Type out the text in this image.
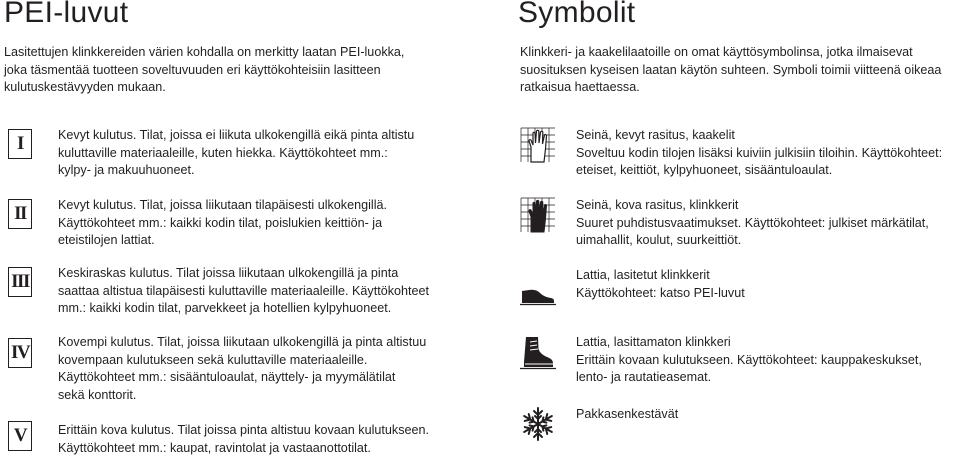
PEI-luvut
Lasitettujen klinkkereiden värien kohdalla on merkitty laatan PEI-luokka,
joka täsmentää tuotteen soveltuvuuden eri käyttökohteisiin lasitteen
kulutuskestävyyden mukaan.
I	Kevyt kulutus. Tilat, joissa ei liikuta ulkokengillä eikä pinta altistu
kuluttaville materiaaleille, kuten hiekka. Käyttökohteet mm.:
kylpy- ja makuuhuoneet.
II	Kevyt kulutus. Tilat, joissa liikutaan tilapäisesti ulkokengillä.
Käyttökohteet mm.: kaikki kodin tilat, poislukien keittiön- ja
eteistilojen lattiat.
III Keskiraskas kulutus. Tilat joissa liikutaan ulkokengillä ja pinta
saattaa altistua tilapäisesti kuluttaville materiaaleille. Käyttökohteet
mm.: kaikki kodin tilat, parvekkeet ja hotellien kylpyhuoneet.
IV Kovempi kulutus. Tilat, joissa liikutaan ulkokengillä ja pinta altistuu
kovempaan kulutukseen sekä kuluttaville materiaaleille.
Käyttökohteet mm.: sisääntuloaulat, näyttely- ja myymälätilat
sekä konttorit.
V	Erittäin kova kulutus. Tilat joissa pinta altistuu kovaan kulutukseen.
Käyttökohteet mm.: kaupat, ravintolat ja vastaanottotilat.
Symbolit
Klinkkeri- ja kaakelilaatoille on omat käyttösymbolinsa, jotka ilmaisevat
suosituksen kyseisen laatan käytön suhteen. Symboli toimii viitteenä oikeaa
ratkaisua haettaessa.
Seinä, kevyt rasitus, kaakelit
Soveltuu kodin tilojen lisäksi kuiviin julkisiin tiloihin. Käyttökohteet:
eteiset, keittiöt, kylpyhuoneet, sisääntuloaulat.
Seinä, kova rasitus, klinkkerit
Suuret puhdistusvaatimukset. Käyttökohteet: julkiset märkätilat,
uimahallit, koulut, suurkeittiöt.
Lattia, lasitetut klinkkerit
Käyttökohteet: katso PEI-luvut
Lattia, lasittamaton klinkkeri
Erittäin kovaan kulutukseen. Käyttökohteet: kauppakeskukset,
lento- ja rautatieasemat.
Pakkasenkestävät
